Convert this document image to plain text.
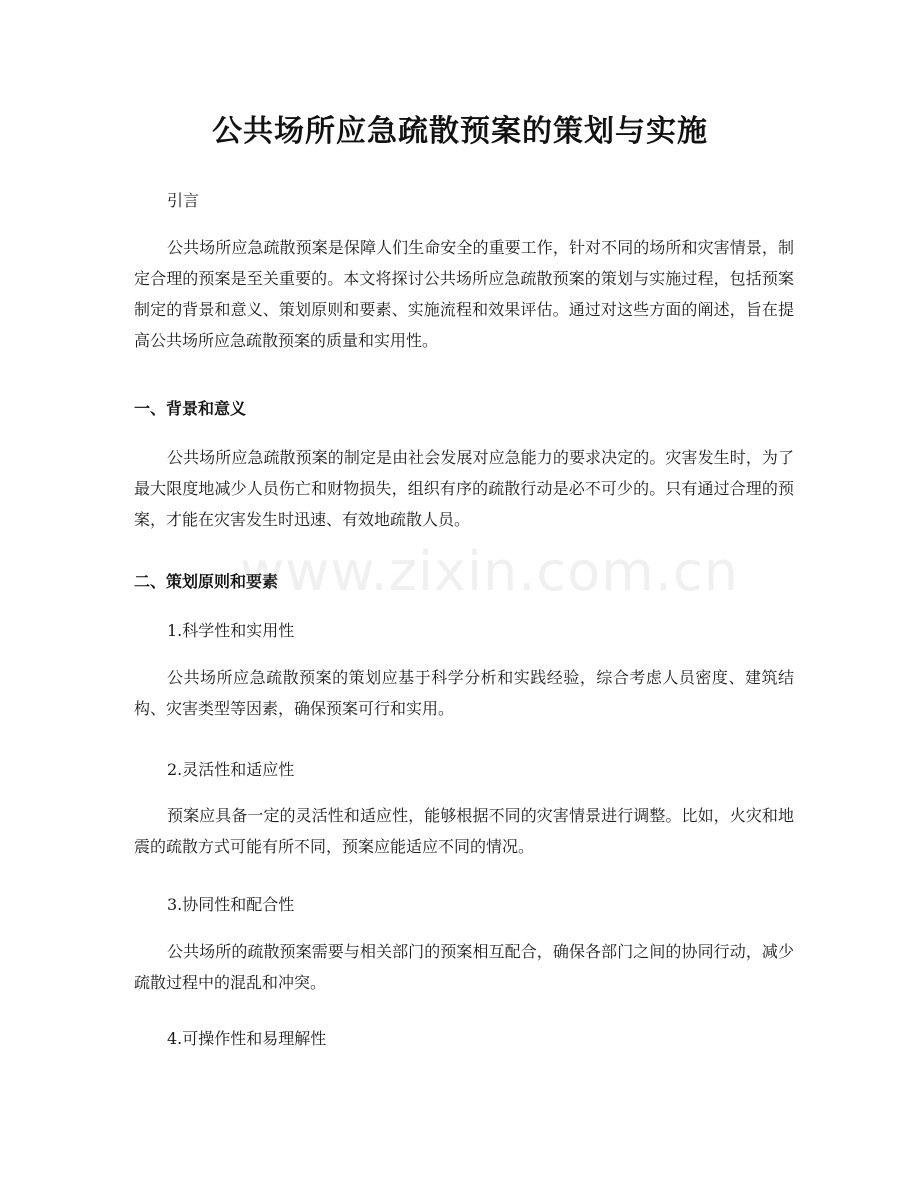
公共场所应急疏散预案的策划与实施

引言

公共场所应急疏散预案是保障人们生命安全的重要工作，针对不同的场所和灾害情景，制定合理的预案是至关重要的。本文将探讨公共场所应急疏散预案的策划与实施过程，包括预案制定的背景和意义、策划原则和要素、实施流程和效果评估。通过对这些方面的阐述，旨在提高公共场所应急疏散预案的质量和实用性。

一、背景和意义

公共场所应急疏散预案的制定是由社会发展对应急能力的要求决定的。灾害发生时，为了最大限度地减少人员伤亡和财物损失，组织有序的疏散行动是必不可少的。只有通过合理的预案，才能在灾害发生时迅速、有效地疏散人员。

二、策划原则和要素

1.科学性和实用性

公共场所应急疏散预案的策划应基于科学分析和实践经验，综合考虑人员密度、建筑结构、灾害类型等因素，确保预案可行和实用。

2.灵活性和适应性

预案应具备一定的灵活性和适应性，能够根据不同的灾害情景进行调整。比如，火灾和地震的疏散方式可能有所不同，预案应能适应不同的情况。

3.协同性和配合性

公共场所的疏散预案需要与相关部门的预案相互配合，确保各部门之间的协同行动，减少疏散过程中的混乱和冲突。

4.可操作性和易理解性

www.zixin.com.cn
